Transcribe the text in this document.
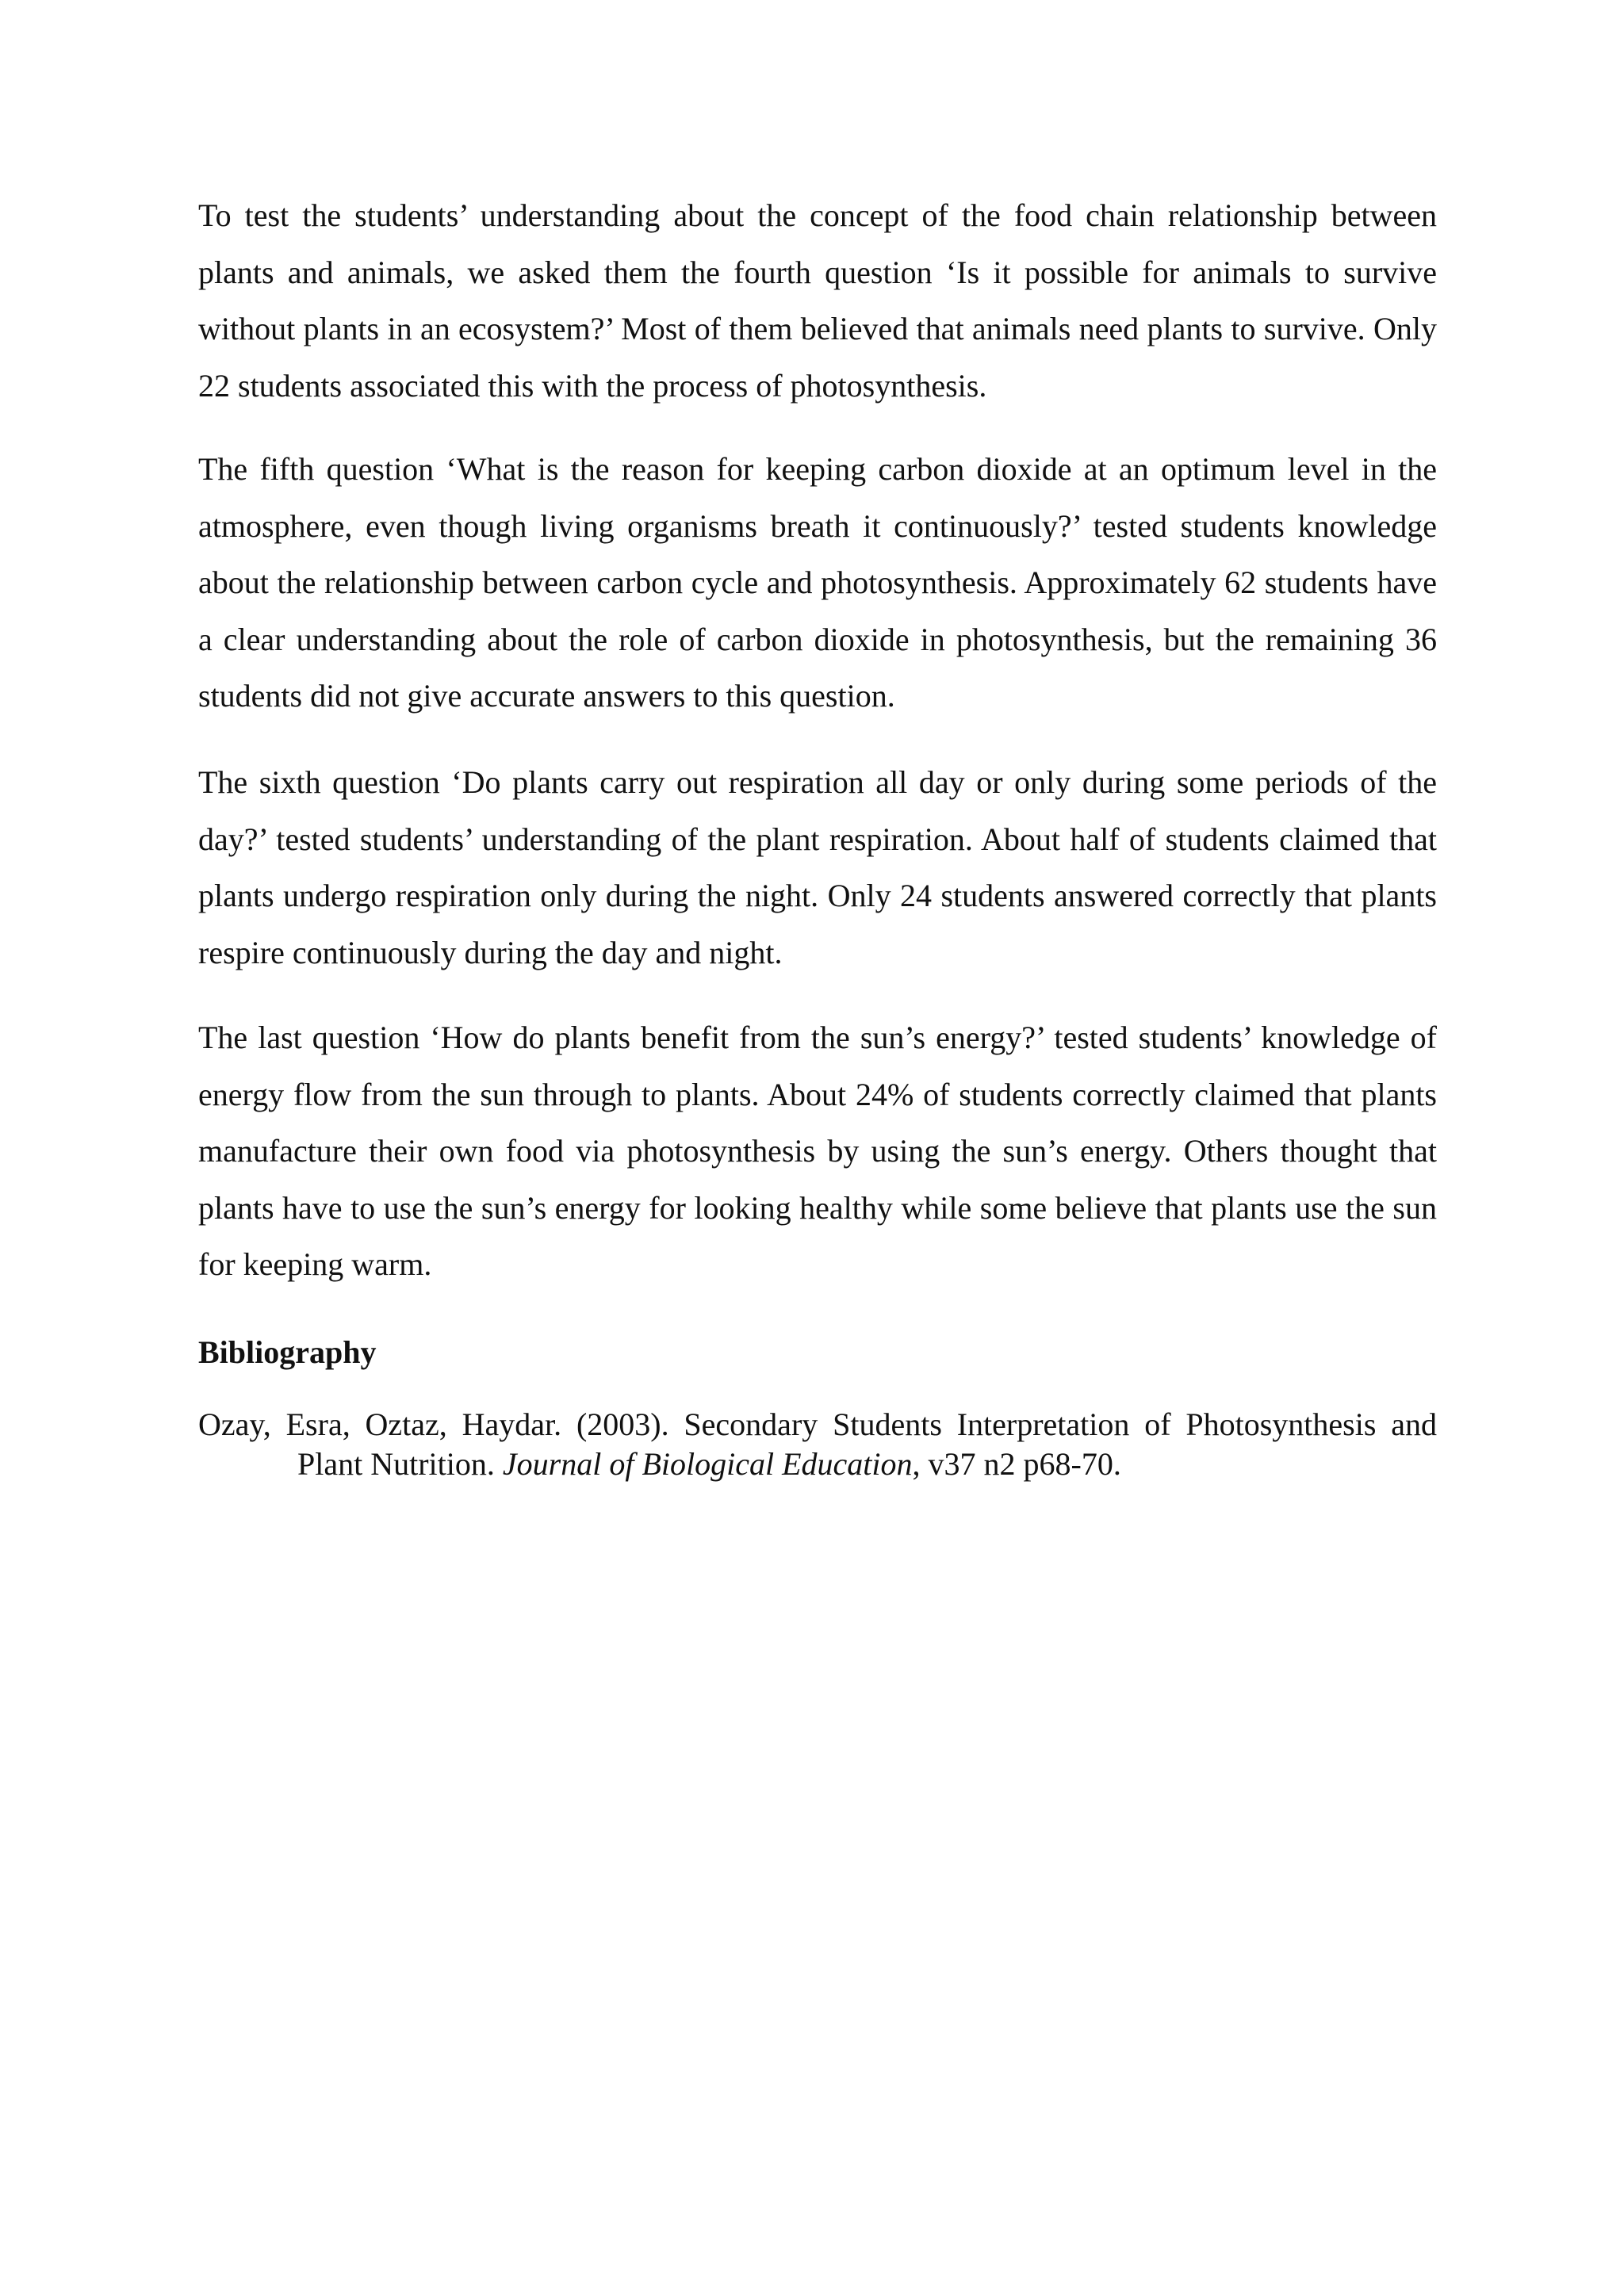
To test the students’ understanding about the concept of the food chain relationship between plants and animals, we asked them the fourth question ‘Is it possible for animals to survive without plants in an ecosystem?’ Most of them believed that animals need plants to survive. Only 22 students associated this with the process of photosynthesis.

The fifth question ‘What is the reason for keeping carbon dioxide at an optimum level in the atmosphere, even though living organisms breath it continuously?’ tested students knowledge about the relationship between carbon cycle and photosynthesis. Approximately 62 students have a clear understanding about the role of carbon dioxide in photosynthesis, but the remaining 36 students did not give accurate answers to this question.

The sixth question ‘Do plants carry out respiration all day or only during some periods of the day?’ tested students’ understanding of the plant respiration. About half of students claimed that plants undergo respiration only during the night. Only 24 students answered correctly that plants respire continuously during the day and night.

The last question ‘How do plants benefit from the sun’s energy?’ tested students’ knowledge of energy flow from the sun through to plants. About 24% of students correctly claimed that plants manufacture their own food via photosynthesis by using the sun’s energy. Others thought that plants have to use the sun’s energy for looking healthy while some believe that plants use the sun for keeping warm.

Bibliography

Ozay, Esra, Oztaz, Haydar. (2003). Secondary Students Interpretation of Photosynthesis and Plant Nutrition. Journal of Biological Education, v37 n2 p68-70.
